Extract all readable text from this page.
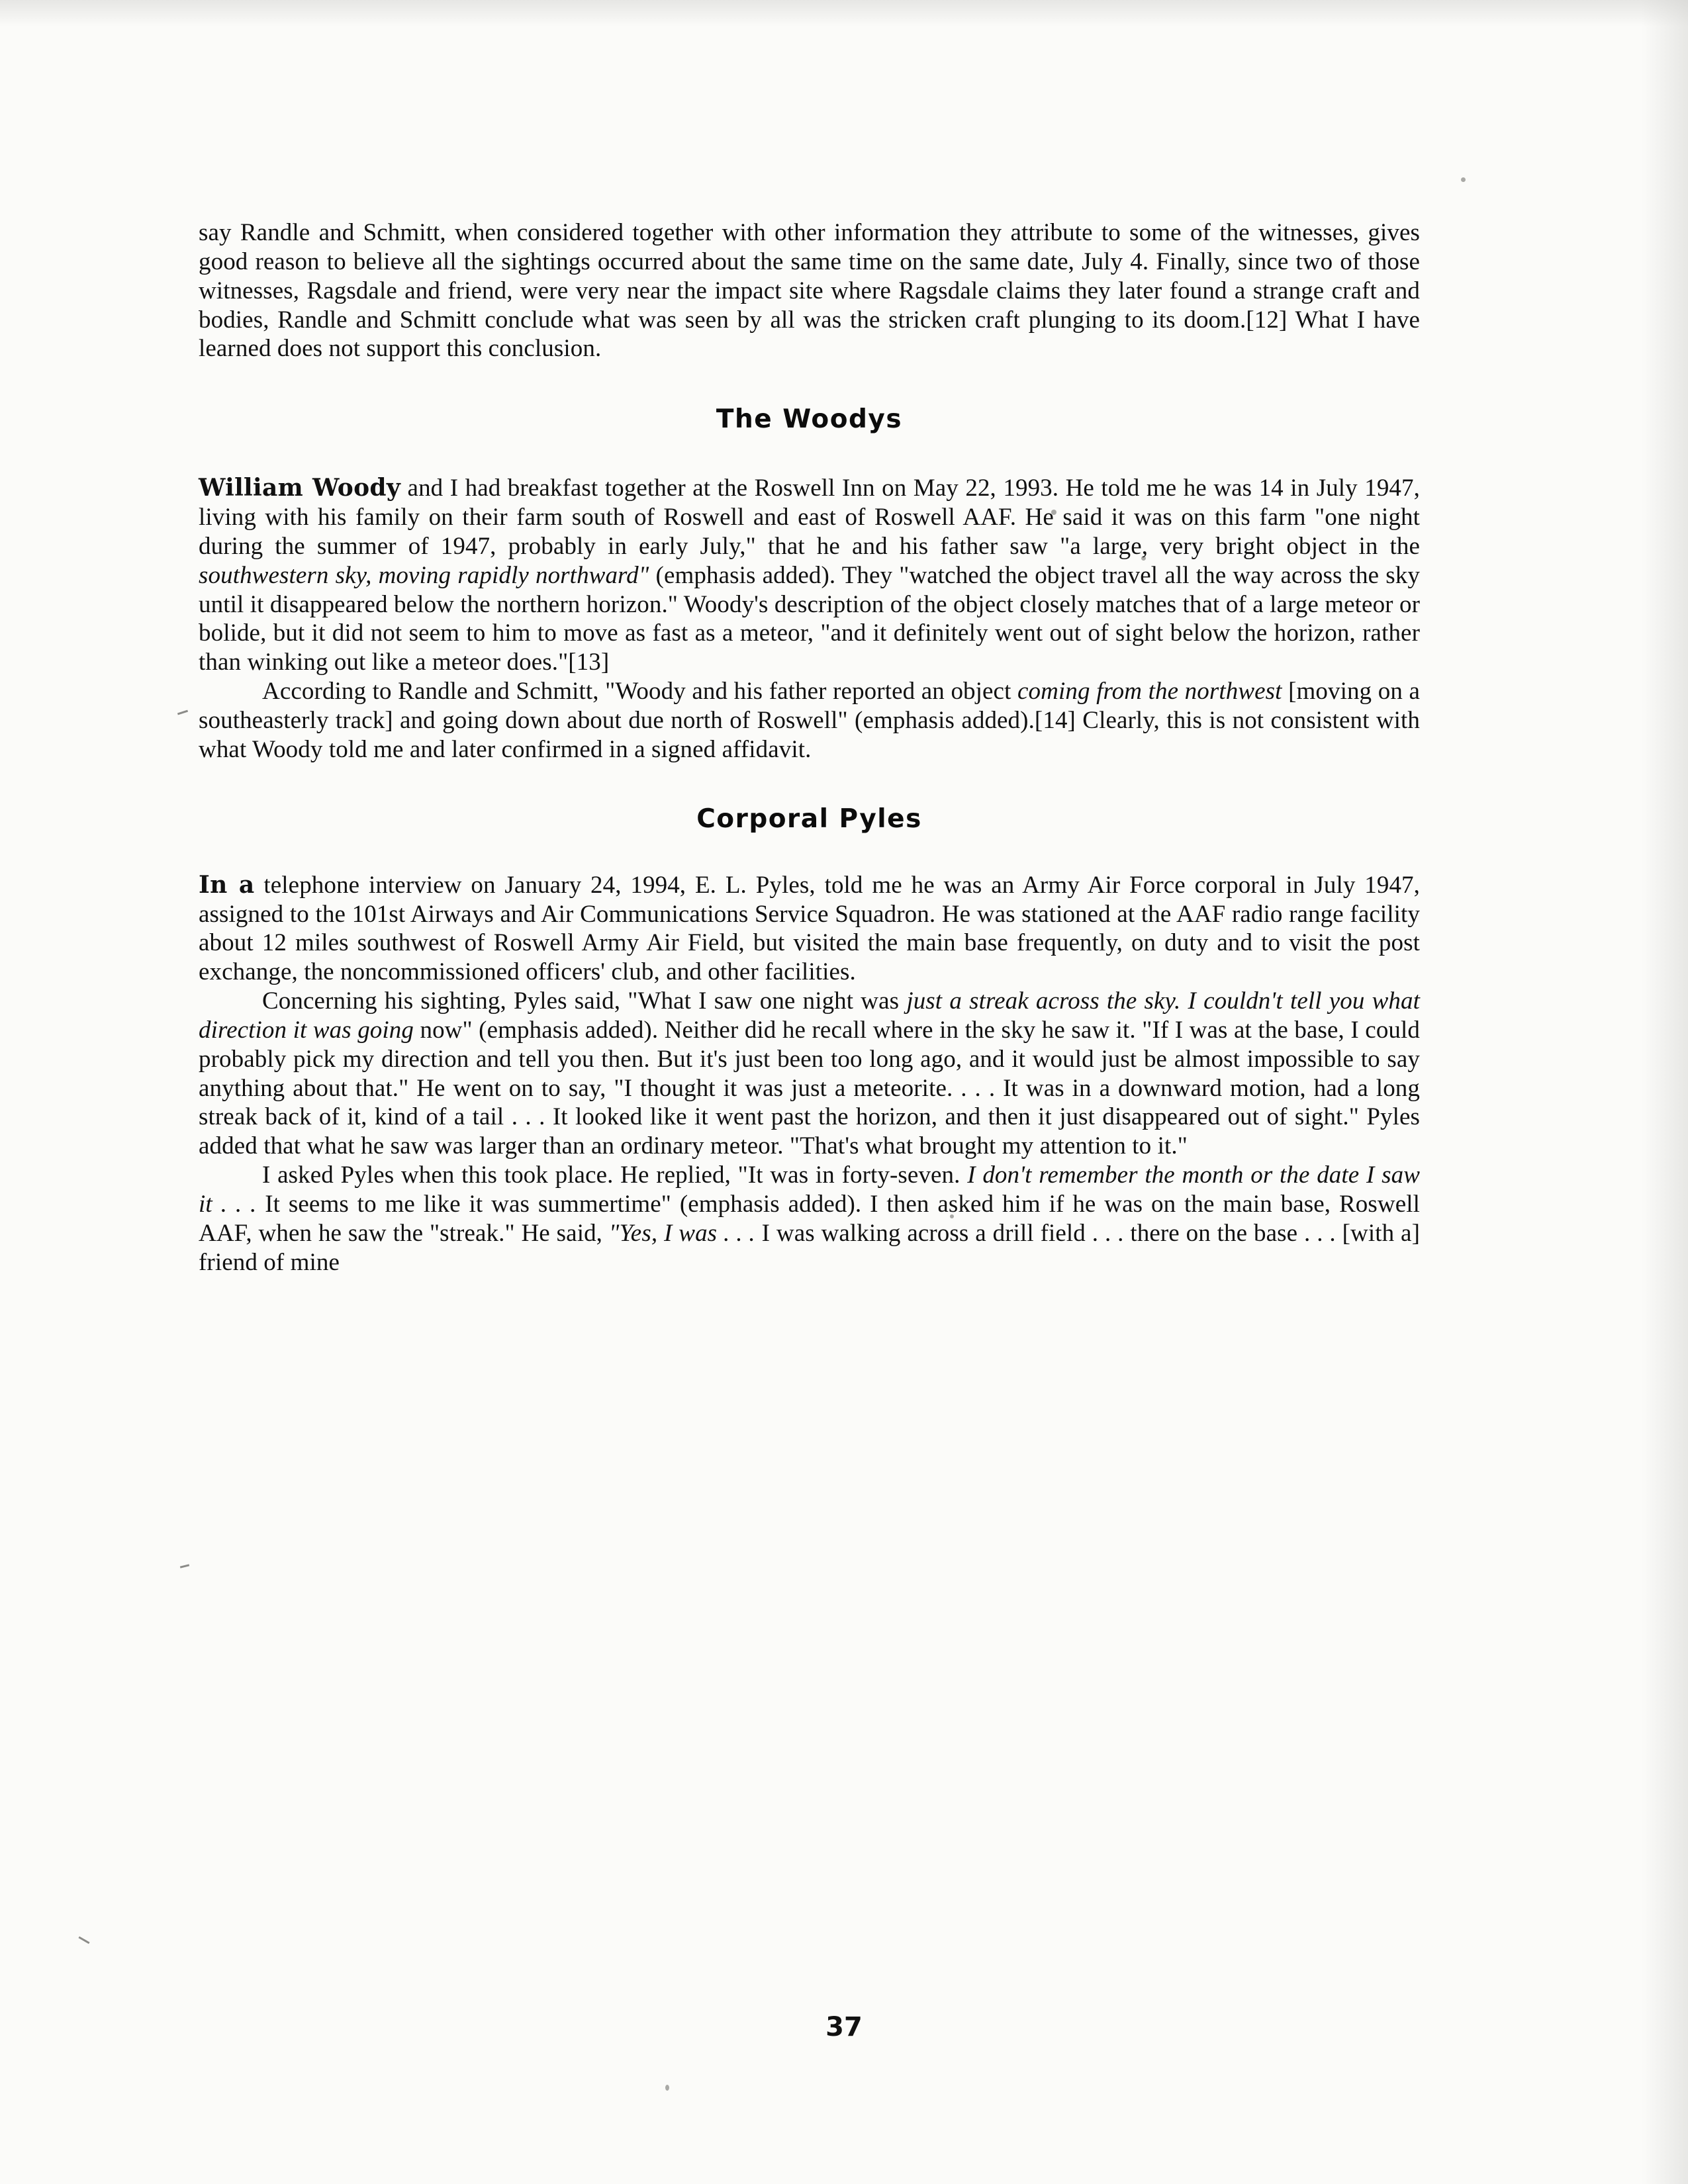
say Randle and Schmitt, when considered together with other information they attribute to some of the witnesses, gives good reason to believe all the sightings occurred about the same time on the same date, July 4. Finally, since two of those witnesses, Ragsdale and friend, were very near the impact site where Ragsdale claims they later found a strange craft and bodies, Randle and Schmitt conclude what was seen by all was the stricken craft plunging to its doom.[12] What I have learned does not support this conclusion.

The Woodys

William Woody and I had breakfast together at the Roswell Inn on May 22, 1993. He told me he was 14 in July 1947, living with his family on their farm south of Roswell and east of Roswell AAF. He said it was on this farm "one night during the summer of 1947, probably in early July," that he and his father saw "a large, very bright object in the southwestern sky, moving rapidly northward" (emphasis added). They "watched the object travel all the way across the sky until it disappeared below the northern horizon." Woody's description of the object closely matches that of a large meteor or bolide, but it did not seem to him to move as fast as a meteor, "and it definitely went out of sight below the horizon, rather than winking out like a meteor does."[13]

According to Randle and Schmitt, "Woody and his father reported an object coming from the northwest [moving on a southeasterly track] and going down about due north of Roswell" (emphasis added).[14] Clearly, this is not consistent with what Woody told me and later confirmed in a signed affidavit.

Corporal Pyles

In a telephone interview on January 24, 1994, E. L. Pyles, told me he was an Army Air Force corporal in July 1947, assigned to the 101st Airways and Air Communications Service Squadron. He was stationed at the AAF radio range facility about 12 miles southwest of Roswell Army Air Field, but visited the main base frequently, on duty and to visit the post exchange, the noncommissioned officers' club, and other facilities.

Concerning his sighting, Pyles said, "What I saw one night was just a streak across the sky. I couldn't tell you what direction it was going now" (emphasis added). Neither did he recall where in the sky he saw it. "If I was at the base, I could probably pick my direction and tell you then. But it's just been too long ago, and it would just be almost impossible to say anything about that." He went on to say, "I thought it was just a meteorite. . . . It was in a downward motion, had a long streak back of it, kind of a tail . . . It looked like it went past the horizon, and then it just disappeared out of sight." Pyles added that what he saw was larger than an ordinary meteor. "That's what brought my attention to it."

I asked Pyles when this took place. He replied, "It was in forty-seven. I don't remember the month or the date I saw it . . . It seems to me like it was summertime" (emphasis added). I then asked him if he was on the main base, Roswell AAF, when he saw the "streak." He said, "Yes, I was . . . I was walking across a drill field . . . there on the base . . . [with a] friend of mine

37
